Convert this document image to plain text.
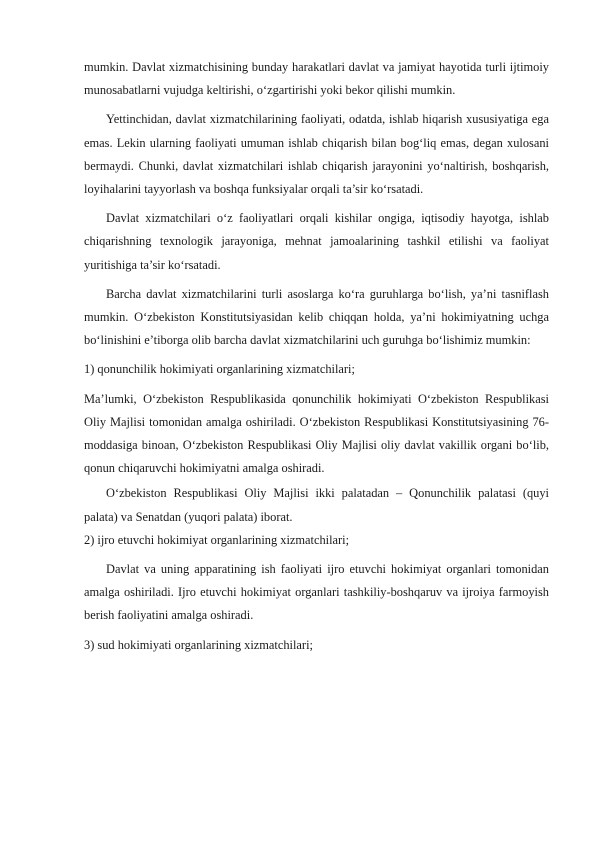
mumkin. Davlat xizmatchisining bunday harakatlari davlat va jamiyat hayotida turli ijtimoiy munosabatlarni vujudga keltirishi, o‘zgartirishi yoki bekor qilishi mumkin.

Yettinchidan, davlat xizmatchilarining faoliyati, odatda, ishlab hiqarish xususiyatiga ega emas. Lekin ularning faoliyati umuman ishlab chiqarish bilan bog‘liq emas, degan xulosani bermaydi. Chunki, davlat xizmatchilari ishlab chiqarish jarayonini yo‘naltirish, boshqarish, loyihalarini tayyorlash va boshqa funksiyalar orqali ta’sir ko‘rsatadi.

Davlat xizmatchilari o‘z faoliyatlari orqali kishilar ongiga, iqtisodiy hayotga, ishlab chiqarishning texnologik jarayoniga, mehnat jamoalarining tashkil etilishi va faoliyat yuritishiga ta’sir ko‘rsatadi.

Barcha davlat xizmatchilarini turli asoslarga ko‘ra guruhlarga bo‘lish, ya’ni tasniflash mumkin. O‘zbekiston Konstitutsiyasidan kelib chiqqan holda, ya’ni hokimiyatning uchga bo‘linishini e’tiborga olib barcha davlat xizmatchilarini uch guruhga bo‘lishimiz mumkin:

1) qonunchilik hokimiyati organlarining xizmatchilari;

Ma’lumki, O‘zbekiston Respublikasida qonunchilik hokimiyati O‘zbekiston Respublikasi Oliy Majlisi tomonidan amalga oshiriladi. O‘zbekiston Respublikasi Konstitutsiyasining 76-moddasiga binoan, O‘zbekiston Respublikasi Oliy Majlisi oliy davlat vakillik organi bo‘lib, qonun chiqaruvchi hokimiyatni amalga oshiradi.

O‘zbekiston Respublikasi Oliy Majlisi ikki palatadan – Qonunchilik palatasi (quyi palata) va Senatdan (yuqori palata) iborat.

2) ijro etuvchi hokimiyat organlarining xizmatchilari;

Davlat va uning apparatining ish faoliyati ijro etuvchi hokimiyat organlari tomonidan amalga oshiriladi. Ijro etuvchi hokimiyat organlari tashkiliy-boshqaruv va ijroiya farmoyish berish faoliyatini amalga oshiradi.

3) sud hokimiyati organlarining xizmatchilari;
